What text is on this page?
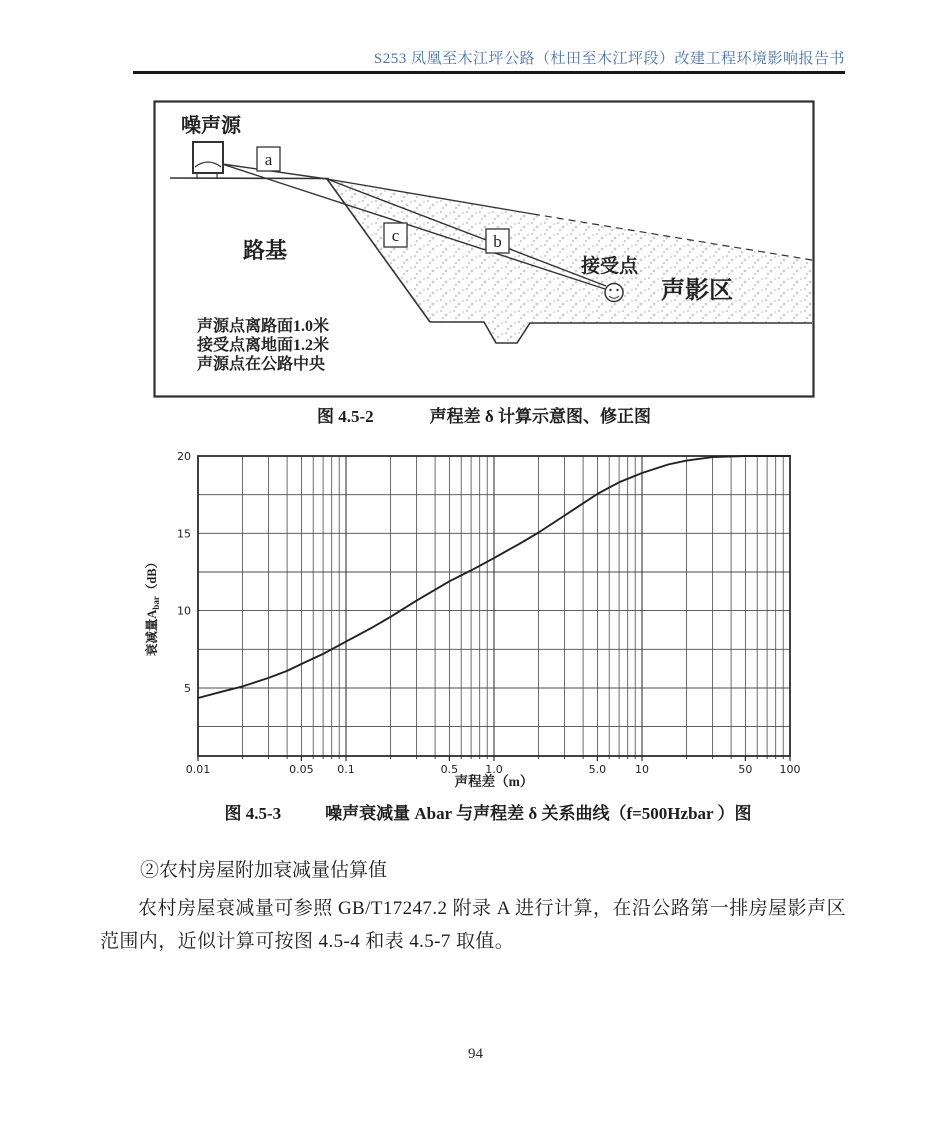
S253 凤凰至木江坪公路（杜田至木江坪段）改建工程环境影响报告书
a
c	b
噪声源
路基
接受点
声影区
声源点离路面1.0米
接受点离地面1.2米
声源点在公路中央
图 4.5-2	声程差 δ 计算示意图、修正图
0.01	0.05 0.1	0.5 1.0	5.0	10	50 100
5
10
15
20
声程差（m）
衰减量$A_{bar}(dB)$
图 4.5-3	噪声衰减量 Abar 与声程差 δ 关系曲线（f=500Hzbar ）图
②农村房屋附加衰减量估算值

农村房屋衰减量可参照 GB/T17247.2 附录 A 进行计算，在沿公路第一排房屋影声区范围内，近似计算可按图 4.5-4 和表 4.5-7 取值。

94
